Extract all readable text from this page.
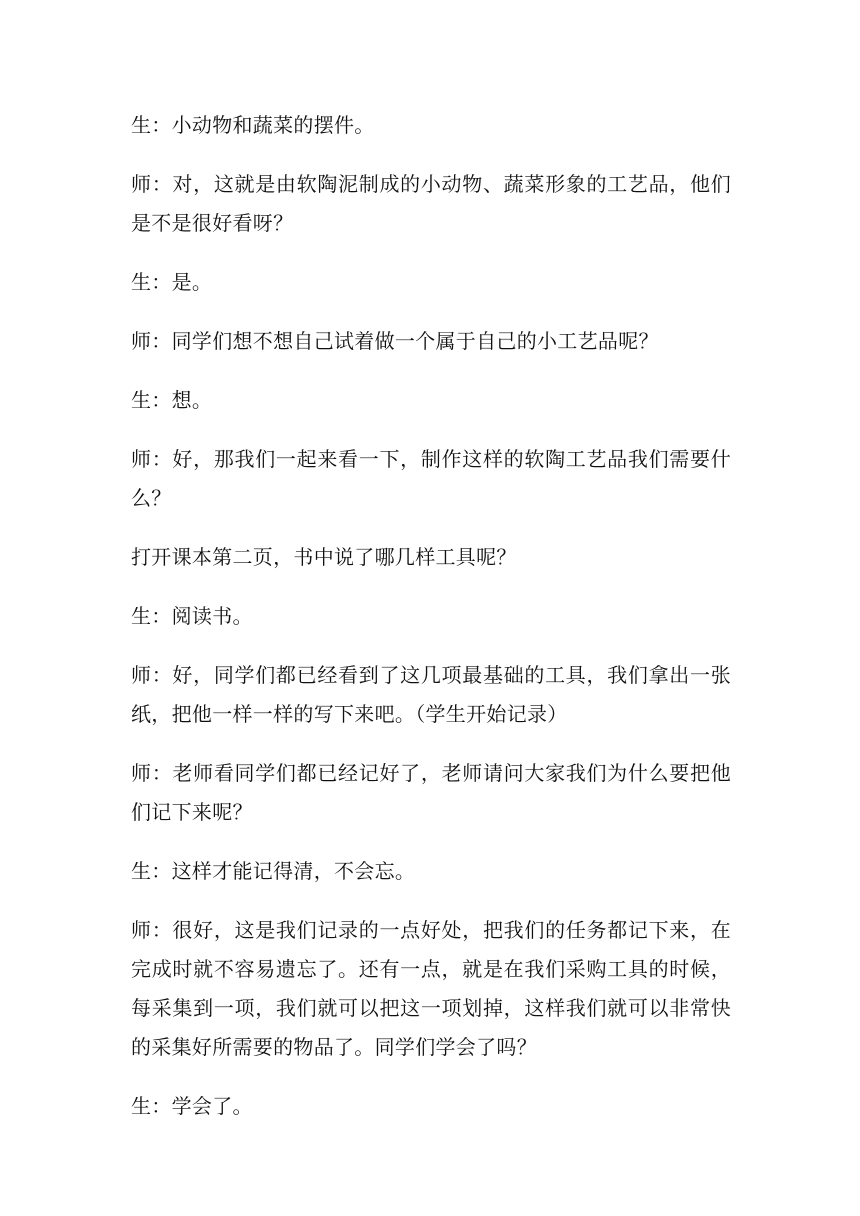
生：小动物和蔬菜的摆件。

师：对，这就是由软陶泥制成的小动物、蔬菜形象的工艺品，他们是不是很好看呀？

生：是。

师：同学们想不想自己试着做一个属于自己的小工艺品呢？

生：想。

师：好，那我们一起来看一下，制作这样的软陶工艺品我们需要什么？

打开课本第二页，书中说了哪几样工具呢？

生：阅读书。

师：好，同学们都已经看到了这几项最基础的工具，我们拿出一张纸，把他一样一样的写下来吧。（学生开始记录）

师：老师看同学们都已经记好了，老师请问大家我们为什么要把他们记下来呢？

生：这样才能记得清，不会忘。

师：很好，这是我们记录的一点好处，把我们的任务都记下来，在完成时就不容易遗忘了。还有一点，就是在我们采购工具的时候，每采集到一项，我们就可以把这一项划掉，这样我们就可以非常快的采集好所需要的物品了。同学们学会了吗？

生：学会了。
